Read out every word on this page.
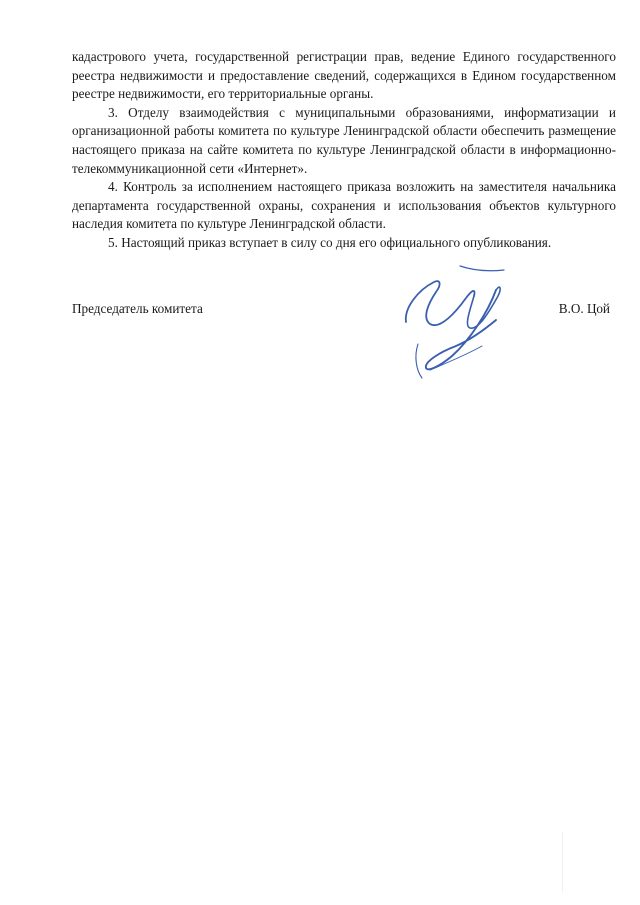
кадастрового учета, государственной регистрации прав, ведение Единого государственного реестра недвижимости и предоставление сведений, содержащихся в Едином государственном реестре недвижимости, его территориальные органы.

3. Отделу взаимодействия с муниципальными образованиями, информатизации и организационной работы комитета по культуре Ленинградской области обеспечить размещение настоящего приказа на сайте комитета по культуре Ленинградской области в информационно-телекоммуникационной сети «Интернет».

4. Контроль за исполнением настоящего приказа возложить на заместителя начальника департамента государственной охраны, сохранения и использования объектов культурного наследия комитета по культуре Ленинградской области.

5. Настоящий приказ вступает в силу со дня его официального опубликования.

Председатель комитета	В.О. Цой
